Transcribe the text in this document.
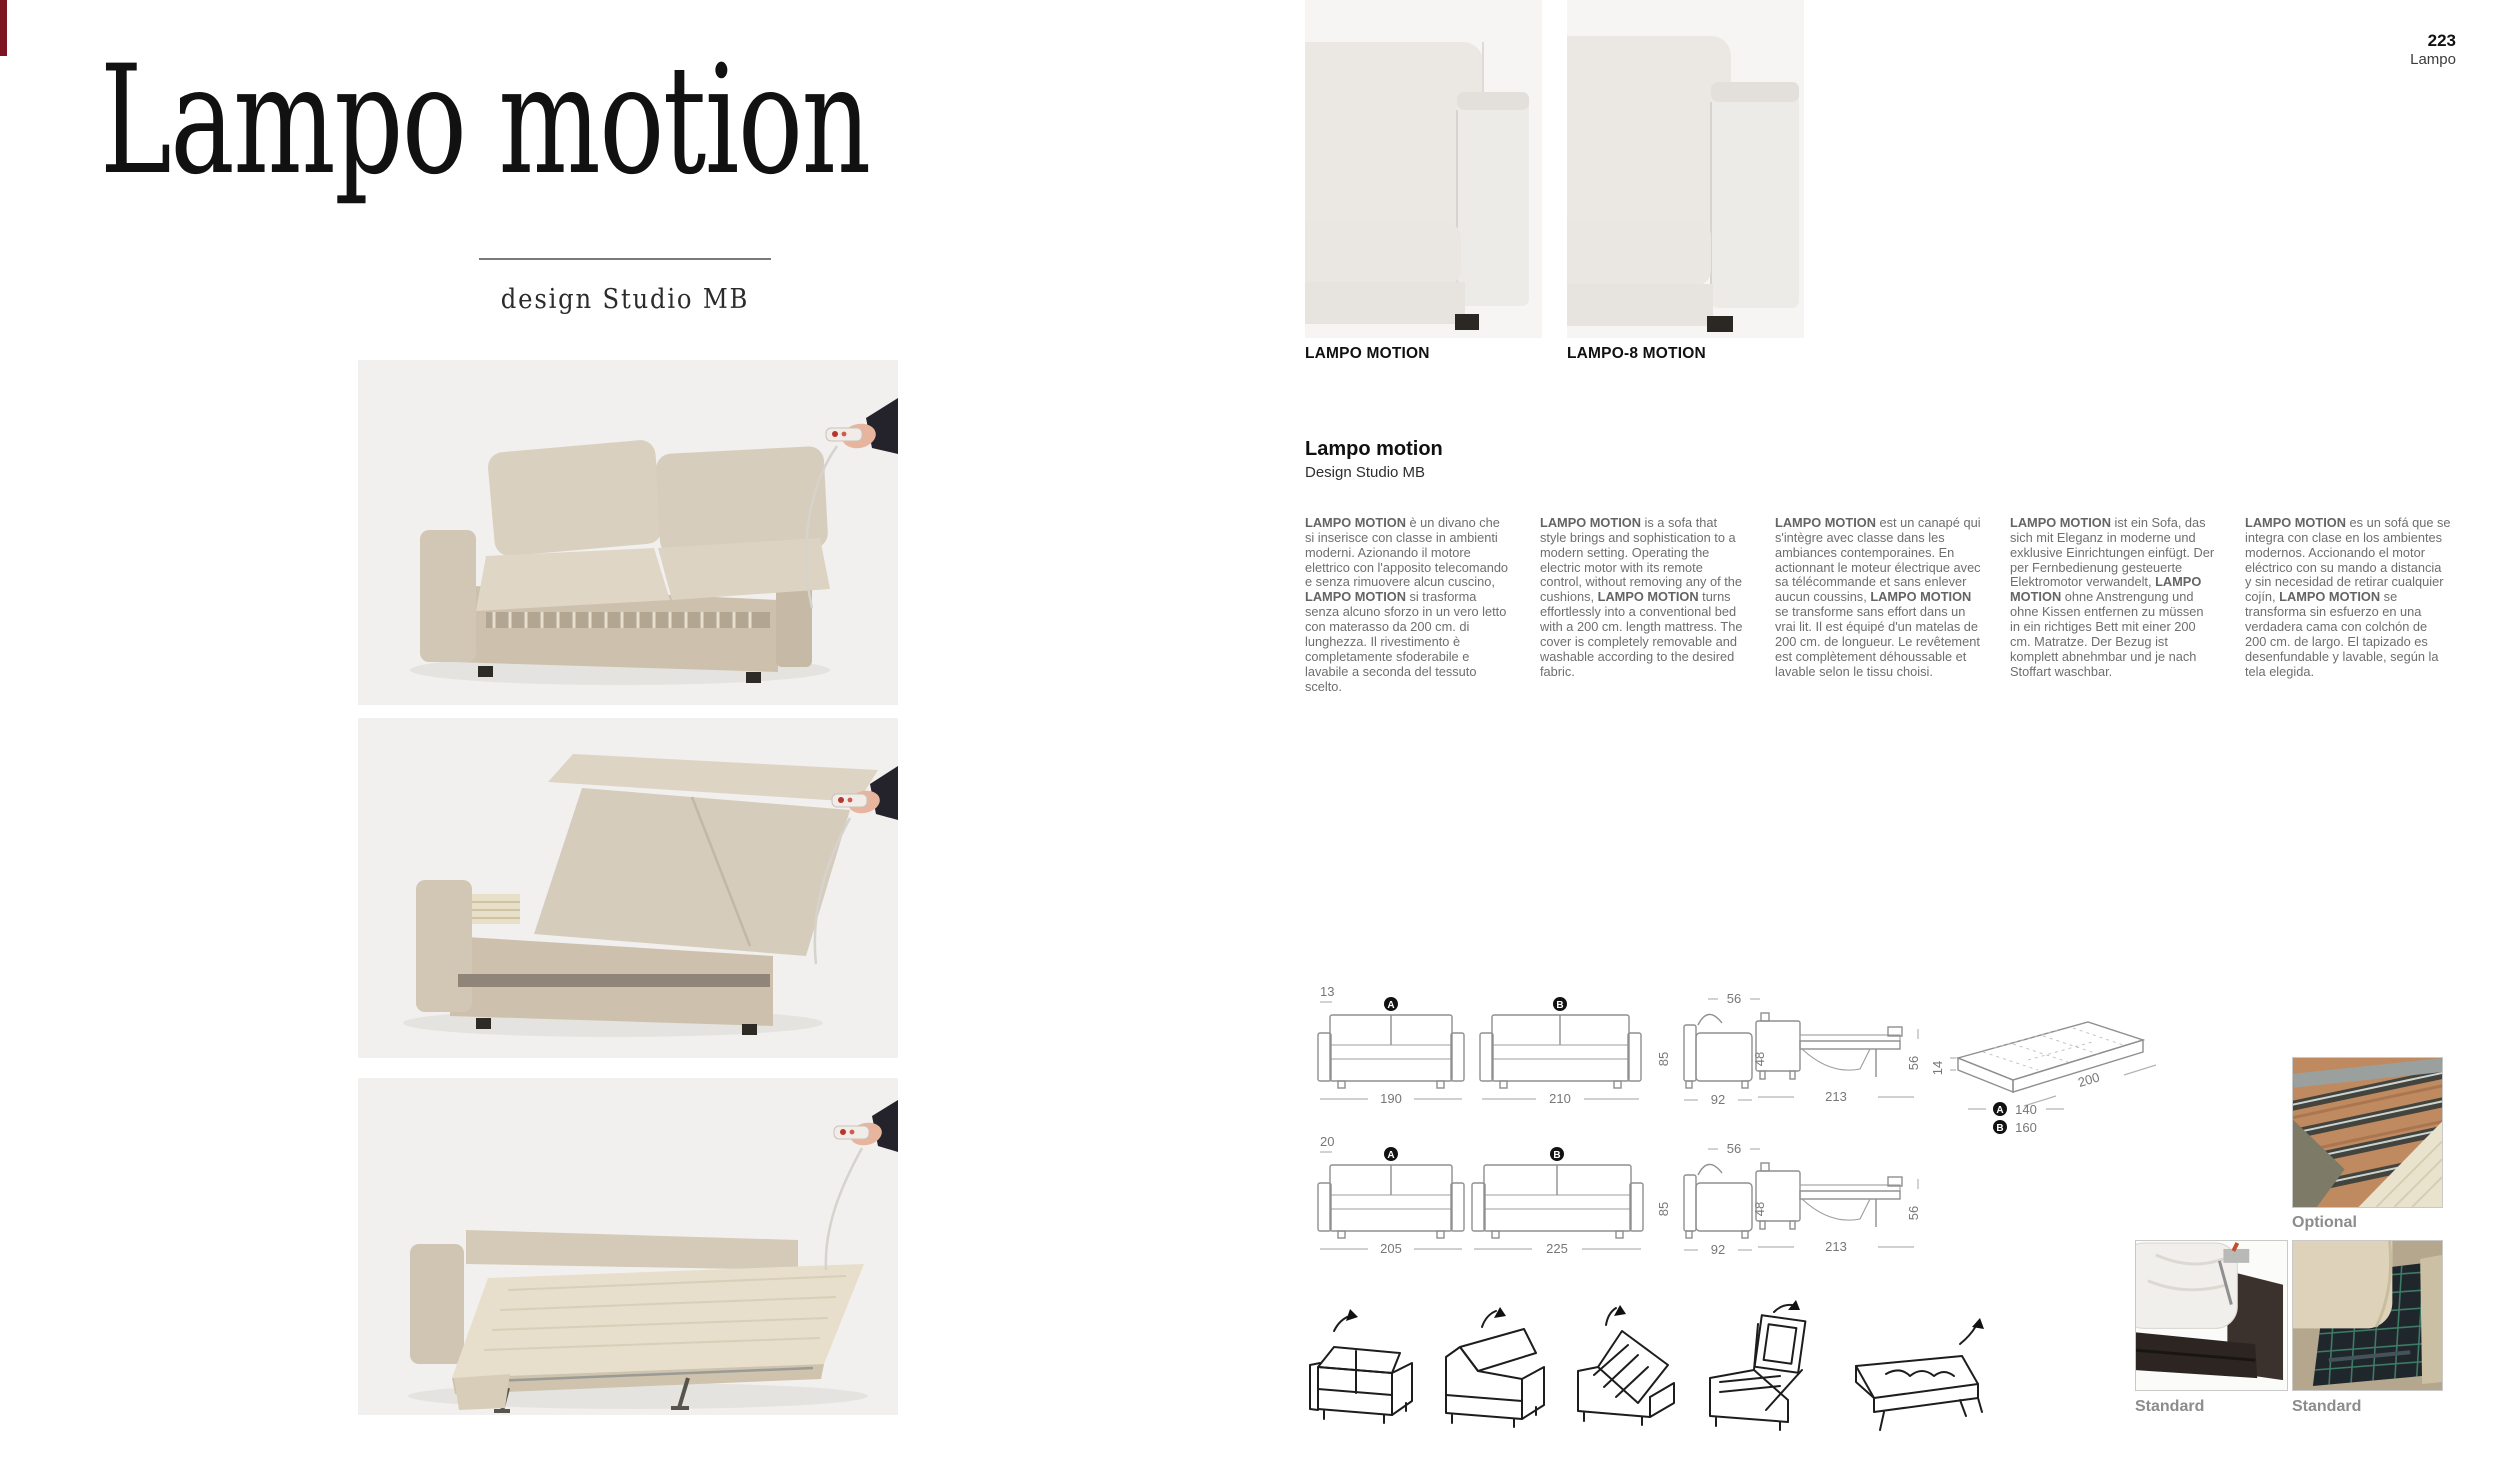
223
Lampo
Lampo motion
design Studio MB
LAMPO MOTION	LAMPO-8 MOTION
Lampo motion
Design Studio MB

LAMPO MOTION è un divano che si inserisce con classe in ambienti moderni. Azionando il motore elettrico con l'apposito telecomando e senza rimuovere alcun cuscino, LAMPO MOTION si trasforma senza alcuno sforzo in un vero letto con materasso da 200 cm. di lunghezza. Il rivestimento è completamente sfoderabile e lavabile a seconda del tessuto scelto.

LAMPO MOTION is a sofa that style brings and sophistication to a modern setting. Operating the electric motor with its remote control, without removing any of the cushions, LAMPO MOTION turns effortlessly into a conventional bed with a 200 cm. length mattress. The cover is completely removable and washable according to the desired fabric.

LAMPO MOTION est un canapé qui s'intègre avec classe dans les ambiances contemporaines. En actionnant le moteur électrique avec sa télécommande et sans enlever aucun coussins, LAMPO MOTION se transforme sans effort dans un vrai lit. Il est équipé d'un matelas de 200 cm. de longueur. Le revêtement est complètement déhoussable et lavable selon le tissu choisi.

LAMPO MOTION ist ein Sofa, das sich mit Eleganz in moderne und exklusive Einrichtungen einfügt. Der per Fernbedienung gesteuerte Elektromotor verwandelt, LAMPO MOTION ohne Anstrengung und ohne Kissen entfernen zu müssen in ein richtiges Bett mit einer 200 cm. Matratze. Der Bezug ist komplett abnehmbar und je nach Stoffart waschbar.

LAMPO MOTION es un sofá que se integra con clase en los ambientes modernos. Accionando el motor eléctrico con su mando a distancia y sin necesidad de retirar cualquier cojín, LAMPO MOTION se transforma sin esfuerzo en una verdadera cama con colchón de 200 cm. de largo. El tapizado es desenfundable y lavable, según la tela elegida.

13
A
190
B
210
56
85	48
92	213
56 14
200
A 140
B 160
20
A
205
B
225
56
85	48
92	213
56
Optional
Standard	Standard
